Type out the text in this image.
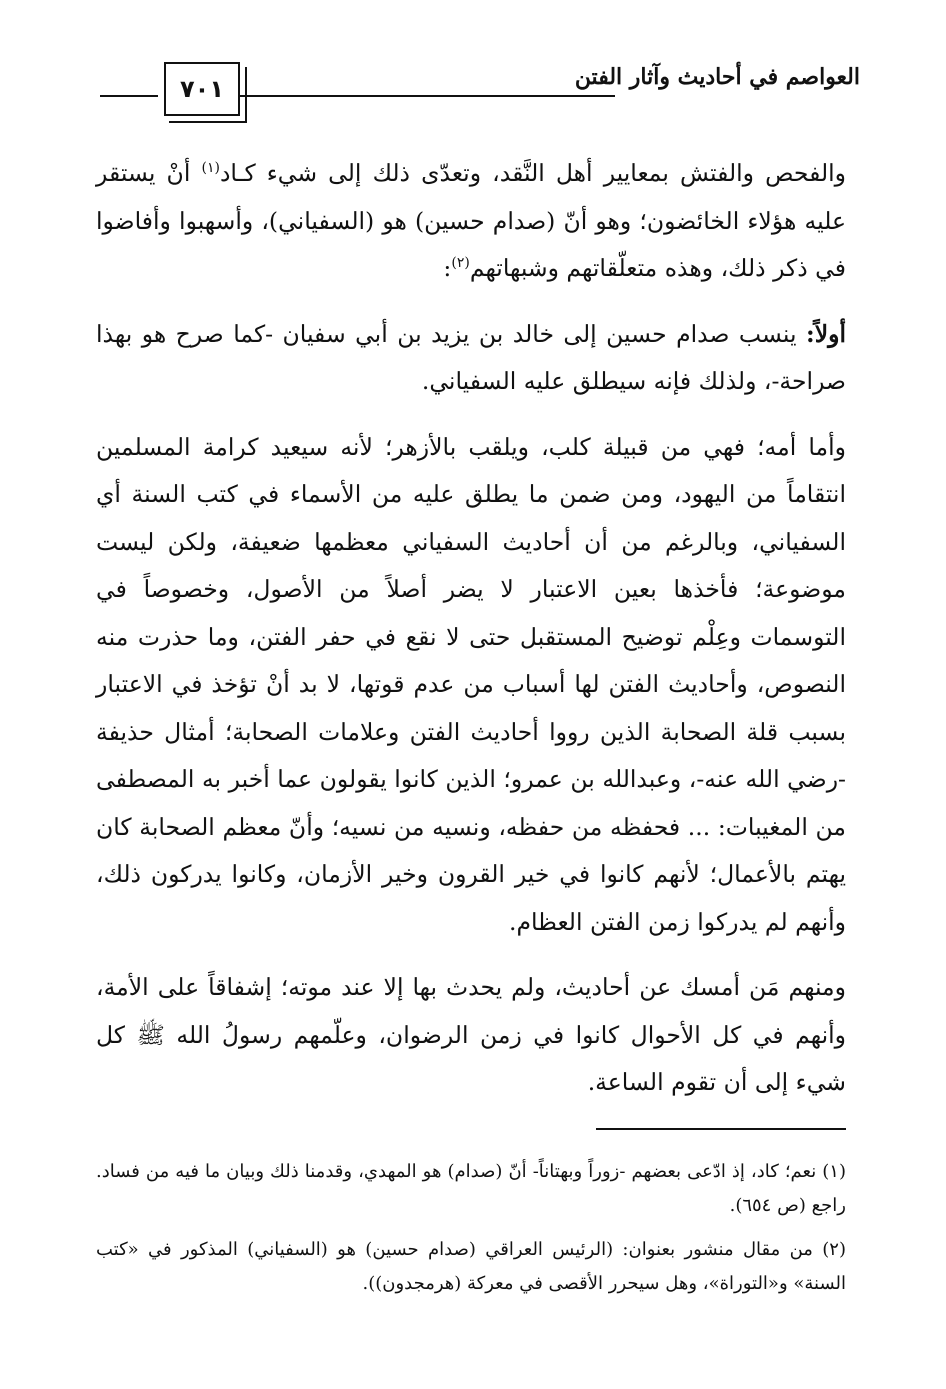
٧٠١	العواصم في أحاديث وآثار الفتن

والفحص والفتش بمعايير أهل النَّقد، وتعدّى ذلك إلى شيء كـاد$^{(١)}$ أنْ يستقر عليه هؤلاء الخائضون؛ وهو أنّ (صدام حسين) هو (السفياني)، وأسهبوا وأفاضوا في ذكر ذلك، وهذه متعلّقاتهم وشبهاتهم$^{(٢)}$:

أولاً: ينسب صدام حسين إلى خالد بن يزيد بن أبي سفيان -كما صرح هو بهذا صراحة-، ولذلك فإنه سيطلق عليه السفياني.

وأما أمه؛ فهي من قبيلة كلب، ويلقب بالأزهر؛ لأنه سيعيد كرامة المسلمين انتقاماً من اليهود، ومن ضمن ما يطلق عليه من الأسماء في كتب السنة أي السفياني، وبالرغم من أن أحاديث السفياني معظمها ضعيفة، ولكن ليست موضوعة؛ فأخذها بعين الاعتبار لا يضر أصلاً من الأصول، وخصوصاً في التوسمات وعِلْم توضيح المستقبل حتى لا نقع في حفر الفتن، وما حذرت منه النصوص، وأحاديث الفتن لها أسباب من عدم قوتها، لا بد أنْ تؤخذ في الاعتبار بسبب قلة الصحابة الذين رووا أحاديث الفتن وعلامات الصحابة؛ أمثال حذيفة -رضي الله عنه-، وعبدالله بن عمرو؛ الذين كانوا يقولون عما أخبر به المصطفى من المغيبات: ... فحفظه من حفظه، ونسيه من نسيه؛ وأنّ معظم الصحابة كان يهتم بالأعمال؛ لأنهم كانوا في خير القرون وخير الأزمان، وكانوا يدركون ذلك، وأنهم لم يدركوا زمن الفتن العظام.

ومنهم مَن أمسك عن أحاديث، ولم يحدث بها إلا عند موته؛ إشفاقاً على الأمة، وأنهم في كل الأحوال كانوا في زمن الرضوان، وعلّمهم رسولُ الله ﷺ كل شيء إلى أن تقوم الساعة.

(١) نعم؛ كاد، إذ ادّعى بعضهم -زوراً وبهتاناً- أنّ (صدام) هو المهدي، وقدمنا ذلك وبيان ما فيه من فساد. راجع (ص ٦٥٤).

(٢) من مقال منشور بعنوان: (الرئيس العراقي (صدام حسين) هو (السفياني) المذكور في «كتب السنة» و«التوراة»، وهل سيحرر الأقصى في معركة (هرمجدون)).
